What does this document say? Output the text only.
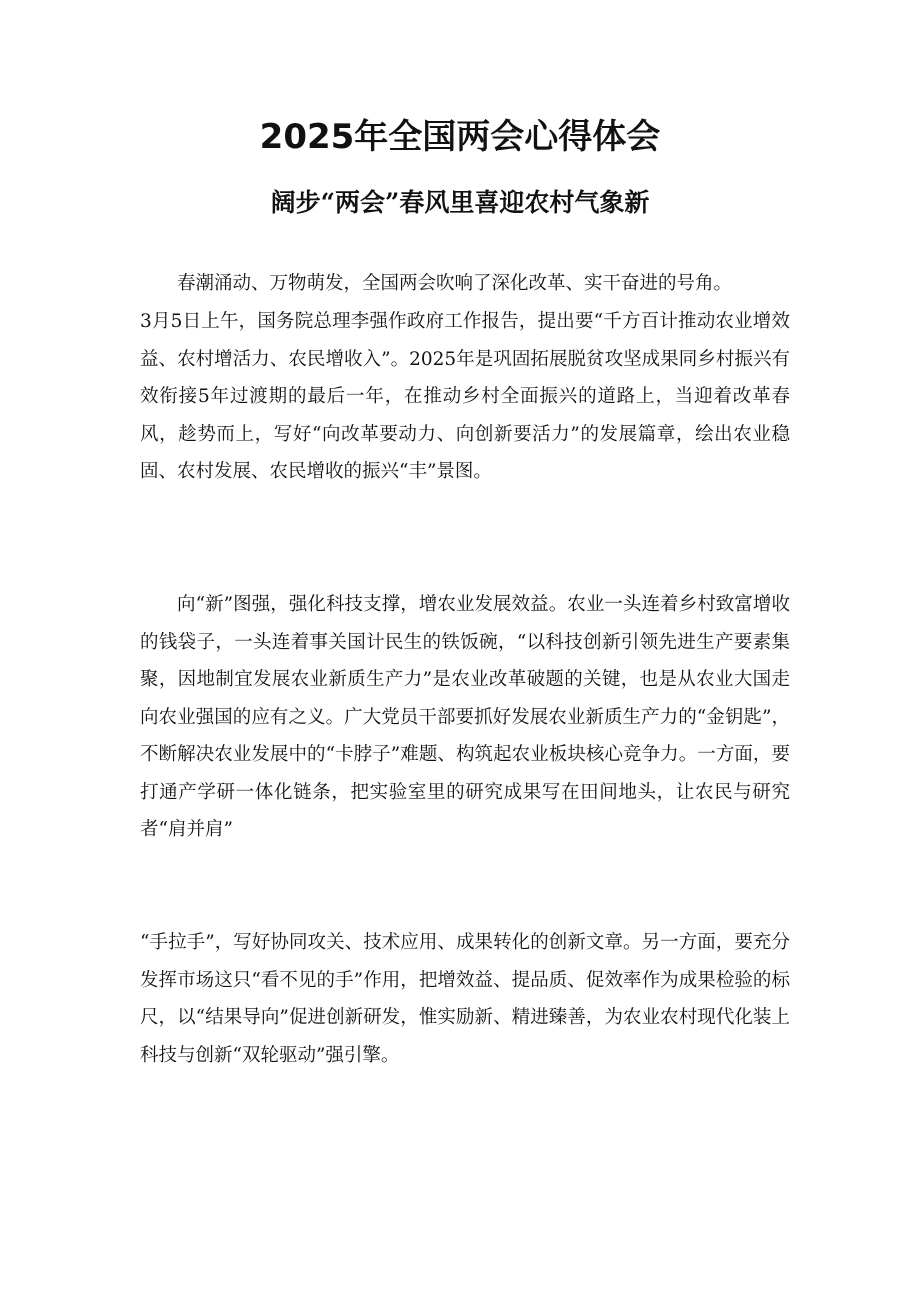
2025年全国两会心得体会
阔步“两会”春风里喜迎农村气象新

春潮涌动、万物萌发，全国两会吹响了深化改革、实干奋进的号角。

3月5日上午，国务院总理李强作政府工作报告，提出要“千方百计推动农业增效益、农村增活力、农民增收入”。2025年是巩固拓展脱贫攻坚成果同乡村振兴有效衔接5年过渡期的最后一年，在推动乡村全面振兴的道路上，当迎着改革春风，趁势而上，写好“向改革要动力、向创新要活力”的发展篇章，绘出农业稳固、农村发展、农民增收的振兴“丰”景图。

向“新”图强，强化科技支撑，增农业发展效益。农业一头连着乡村致富增收的钱袋子，一头连着事关国计民生的铁饭碗，“以科技创新引领先进生产要素集聚，因地制宜发展农业新质生产力”是农业改革破题的关键，也是从农业大国走向农业强国的应有之义。广大党员干部要抓好发展农业新质生产力的“金钥匙”，不断解决农业发展中的“卡脖子”难题、构筑起农业板块核心竞争力。一方面，要打通产学研一体化链条，把实验室里的研究成果写在田间地头，让农民与研究者“肩并肩”

“手拉手”，写好协同攻关、技术应用、成果转化的创新文章。另一方面，要充分发挥市场这只“看不见的手”作用，把增效益、提品质、促效率作为成果检验的标尺，以“结果导向”促进创新研发，惟实励新、精进臻善，为农业农村现代化装上科技与创新“双轮驱动”强引擎。
